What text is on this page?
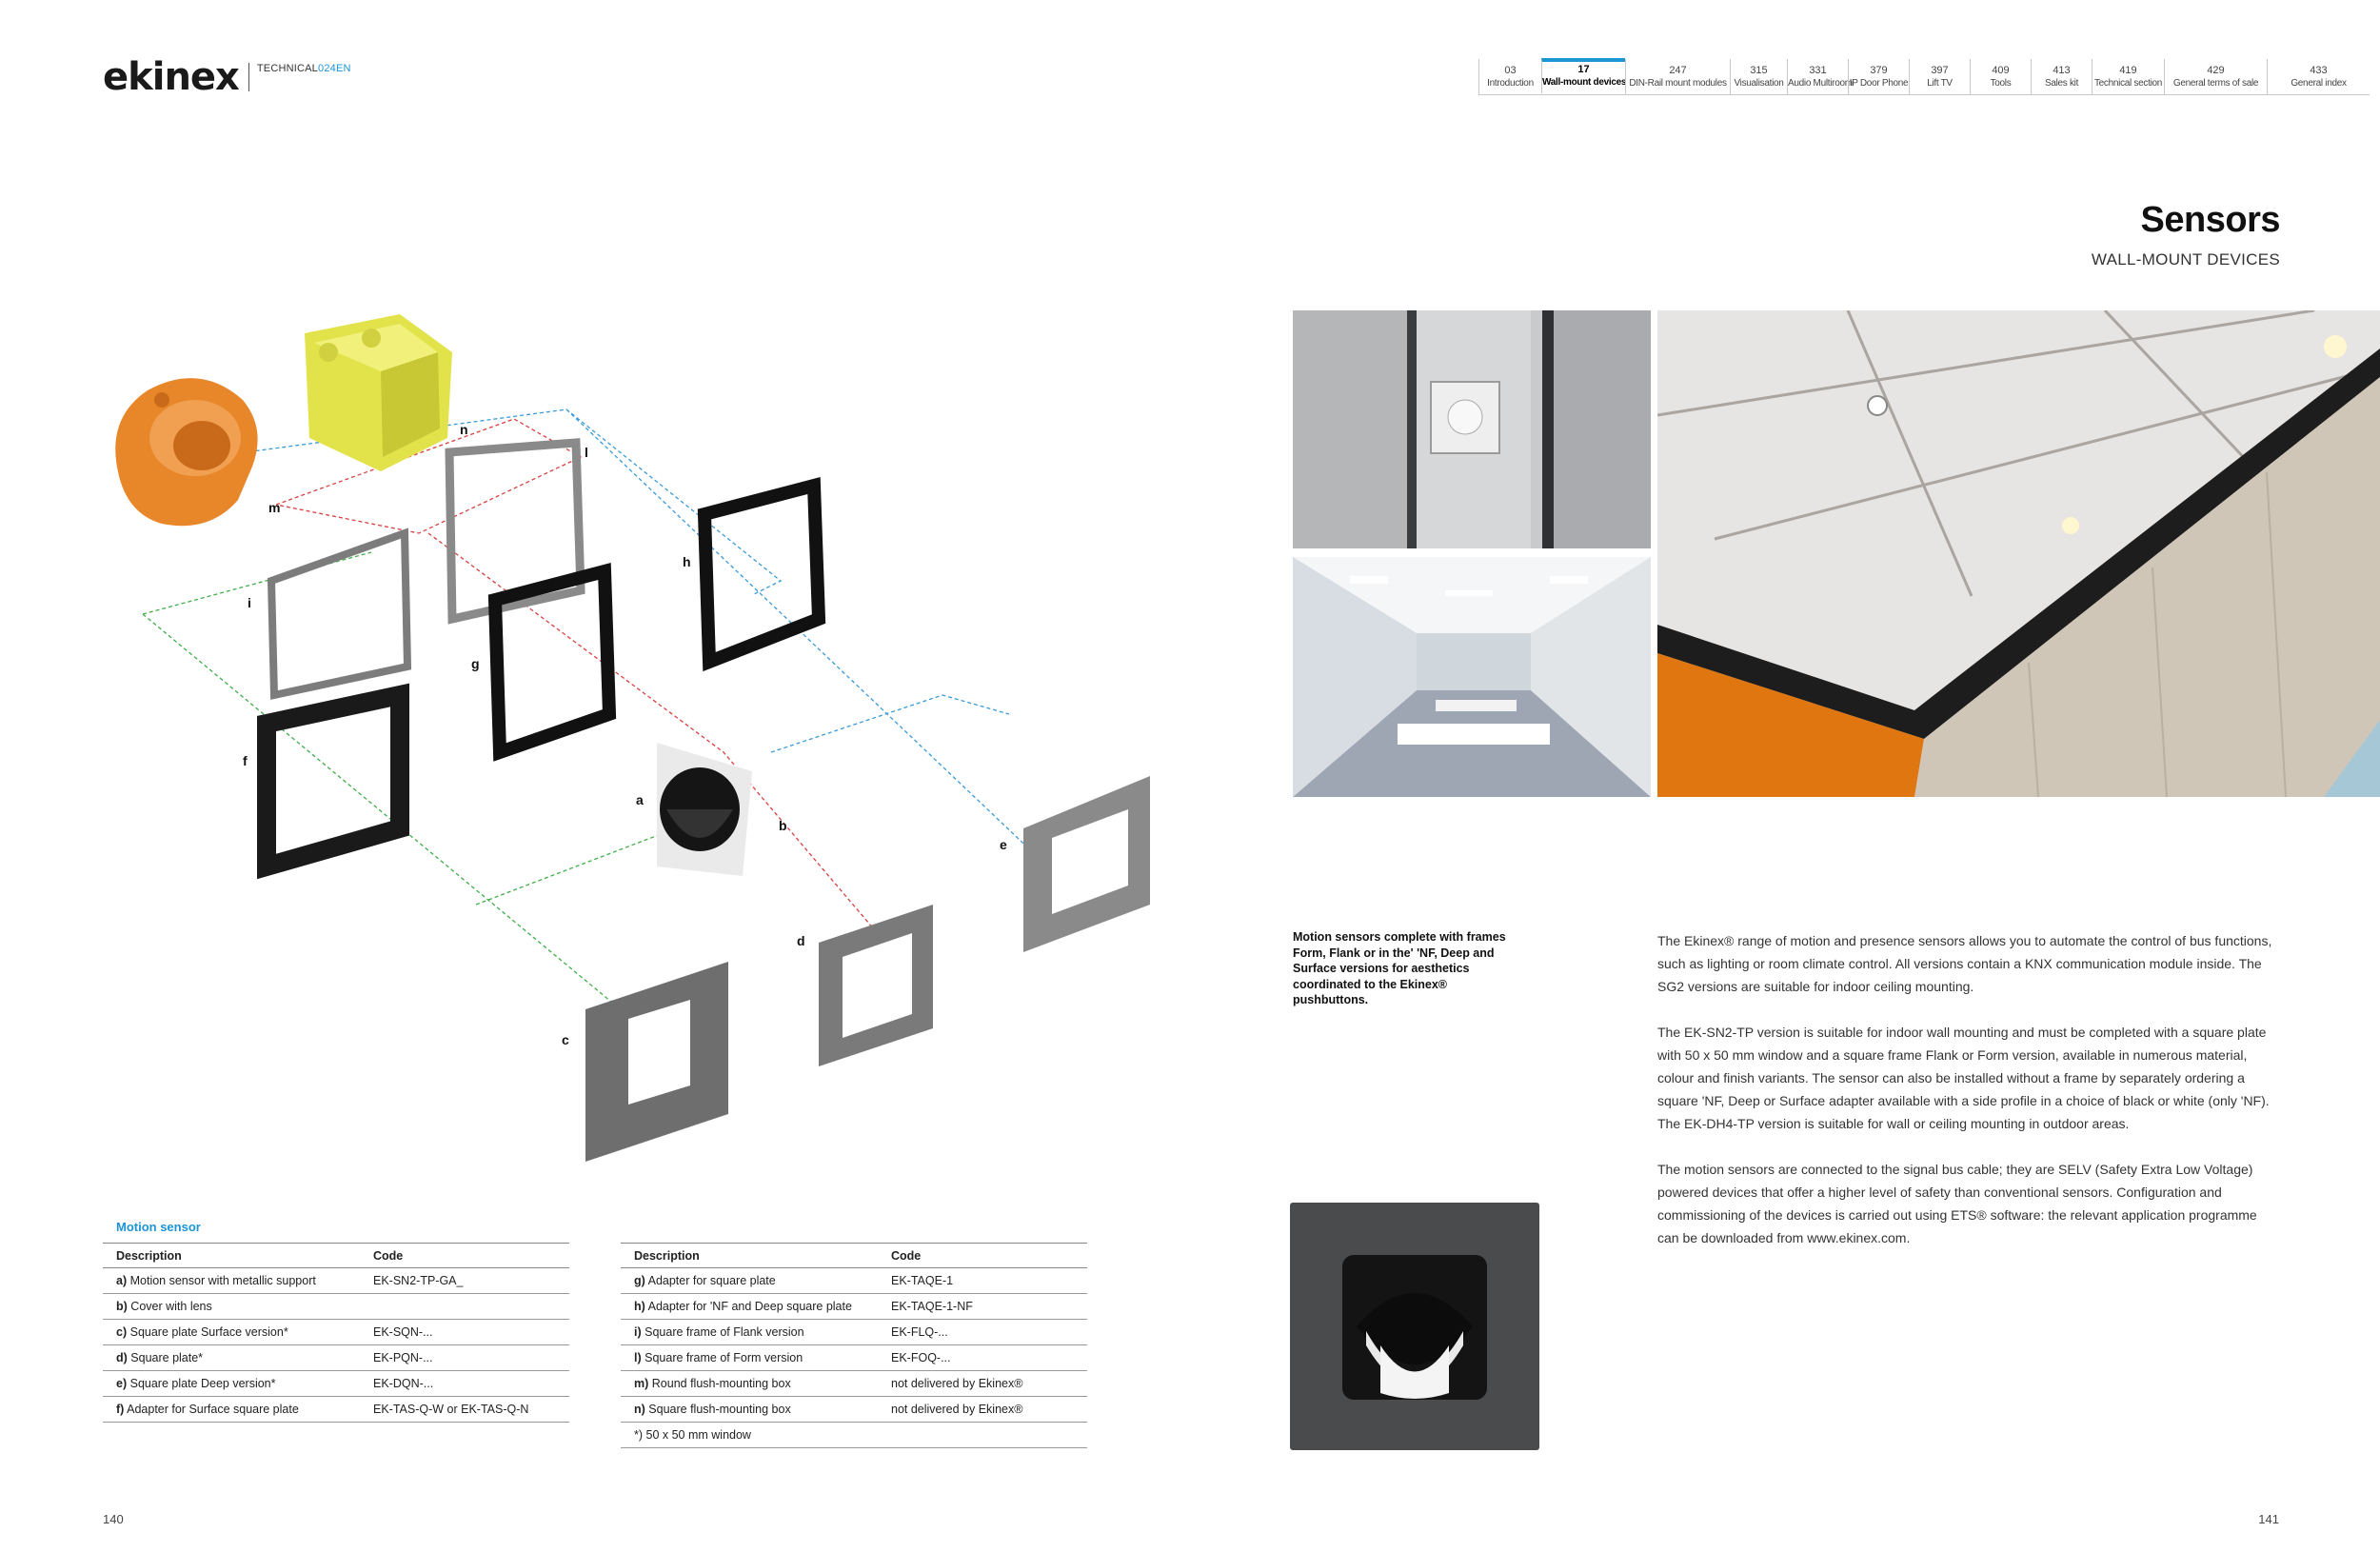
ekinex TECHNICAL024EN	03
Introduction
17
Wall-mount devices
247
DIN-Rail mount modules
315
Visualisation
331
Audio Multiroom
379
IP Door Phone
397
Lift TV
409
Tools
413
Sales kit
419
Technical section
429
General terms of sale
433
General index
Sensors
WALL-MOUNT DEVICES
a
b
c
d
e
f
g
h
i
l
m
n
Motion sensor
Description	Code
a) Motion sensor with metallic support	EK-SN2-TP-GA_
b) Cover with lens	
c) Square plate Surface version*	EK-SQN-...
d) Square plate*	EK-PQN-...
e) Square plate Deep version*	EK-DQN-...
f) Adapter for Surface square plate	EK-TAS-Q-W or EK-TAS-Q-N
Description	Code
g) Adapter for square plate	EK-TAQE-1
h) Adapter for 'NF and Deep square plate	EK-TAQE-1-NF
i) Square frame of Flank version	EK-FLQ-...
l) Square frame of Form version	EK-FOQ-...
m) Round flush-mounting box	not delivered by Ekinex®
n) Square flush-mounting box	not delivered by Ekinex®
*) 50 x 50 mm window	
140	141
Motion sensors complete with frames Form, Flank or in the' 'NF, Deep and Surface versions for aesthetics coordinated to the Ekinex® pushbuttons.

The Ekinex® range of motion and presence sensors allows you to automate the control of bus functions, such as lighting or room climate control. All versions contain a KNX communication module inside. The SG2 versions are suitable for indoor ceiling mounting.

The EK-SN2-TP version is suitable for indoor wall mounting and must be completed with a square plate with 50 x 50 mm window and a square frame Flank or Form version, available in numerous material, colour and finish variants. The sensor can also be installed without a frame by separately ordering a square 'NF, Deep or Surface adapter available with a side profile in a choice of black or white (only 'NF). The EK-DH4-TP version is suitable for wall or ceiling mounting in outdoor areas.

The motion sensors are connected to the signal bus cable; they are SELV (Safety Extra Low Voltage) powered devices that offer a higher level of safety than conventional sensors. Configuration and commissioning of the devices is carried out using ETS® software: the relevant application programme can be downloaded from www.ekinex.com.
